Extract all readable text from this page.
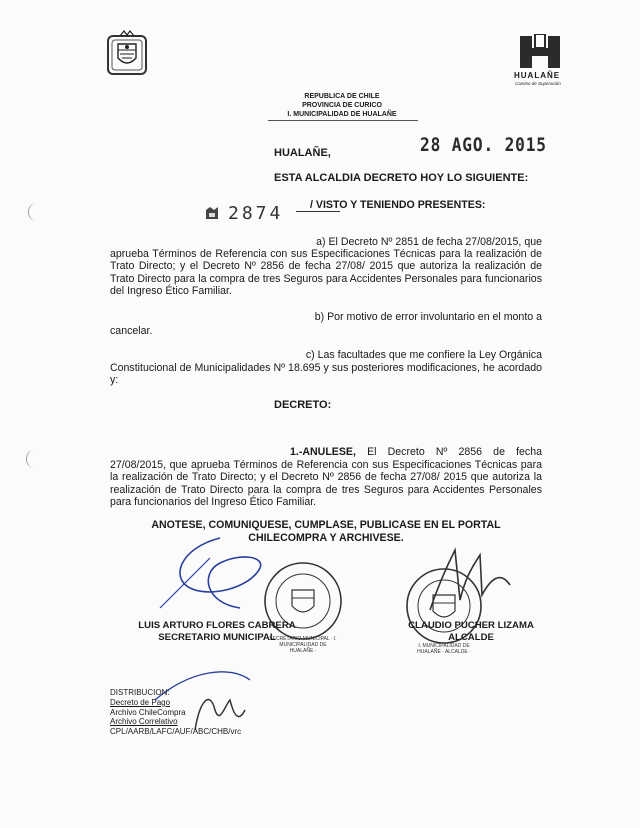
HUALAÑE
Camino de Superación
REPUBLICA DE CHILE
PROVINCIA DE CURICO
I. MUNICIPALIDAD DE HUALAÑE
HUALAÑE,	28 AGO. 2015
ESTA ALCALDIA DECRETO HOY LO SIGUIENTE:
2874	/ VISTO Y TENIENDO PRESENTES:
a) El Decreto Nº 2851 de fecha 27/08/2015, que
aprueba Términos de Referencia con sus Especificaciones Técnicas para la realización de Trato Directo; y el Decreto Nº 2856 de fecha 27/08/ 2015 que autoriza la realización de Trato Directo para la compra de tres Seguros para Accidentes Personales para funcionarios del Ingreso Ético Familiar.
b) Por motivo de error involuntario en el monto a
cancelar.
c) Las facultades que me confiere la Ley Orgánica
Constitucional de Municipalidades Nº 18.695 y sus posteriores modificaciones, he acordado y:
DECRETO:
1.-ANULESE, El Decreto Nº 2856 de fecha
27/08/2015, que aprueba Términos de Referencia con sus Especificaciones Técnicas para la realización de Trato Directo; y el Decreto Nº 2856 de fecha 27/08/ 2015 que autoriza la realización de Trato Directo para la compra de tres Seguros para Accidentes Personales para funcionarios del Ingreso Ético Familiar.
ANOTESE, COMUNIQUESE, CUMPLASE, PUBLICASE EN EL PORTAL
CHILECOMPRA Y ARCHIVESE.
SECRETARIO MUNICIPAL · I. MUNICIPALIDAD DE HUALAÑE ·
I. MUNICIPALIDAD DE HUALAÑE · ALCALDE ·
LUIS ARTURO FLORES CABRERA
SECRETARIO MUNICIPAL
CLAUDIO PUCHER LIZAMA
ALCALDE
DISTRIBUCION:
Decreto de Pago
Archivo ChileCompra
Archivo Correlativo
CPL/AARB/LAFC/AUF/ABC/CHB/vrc
